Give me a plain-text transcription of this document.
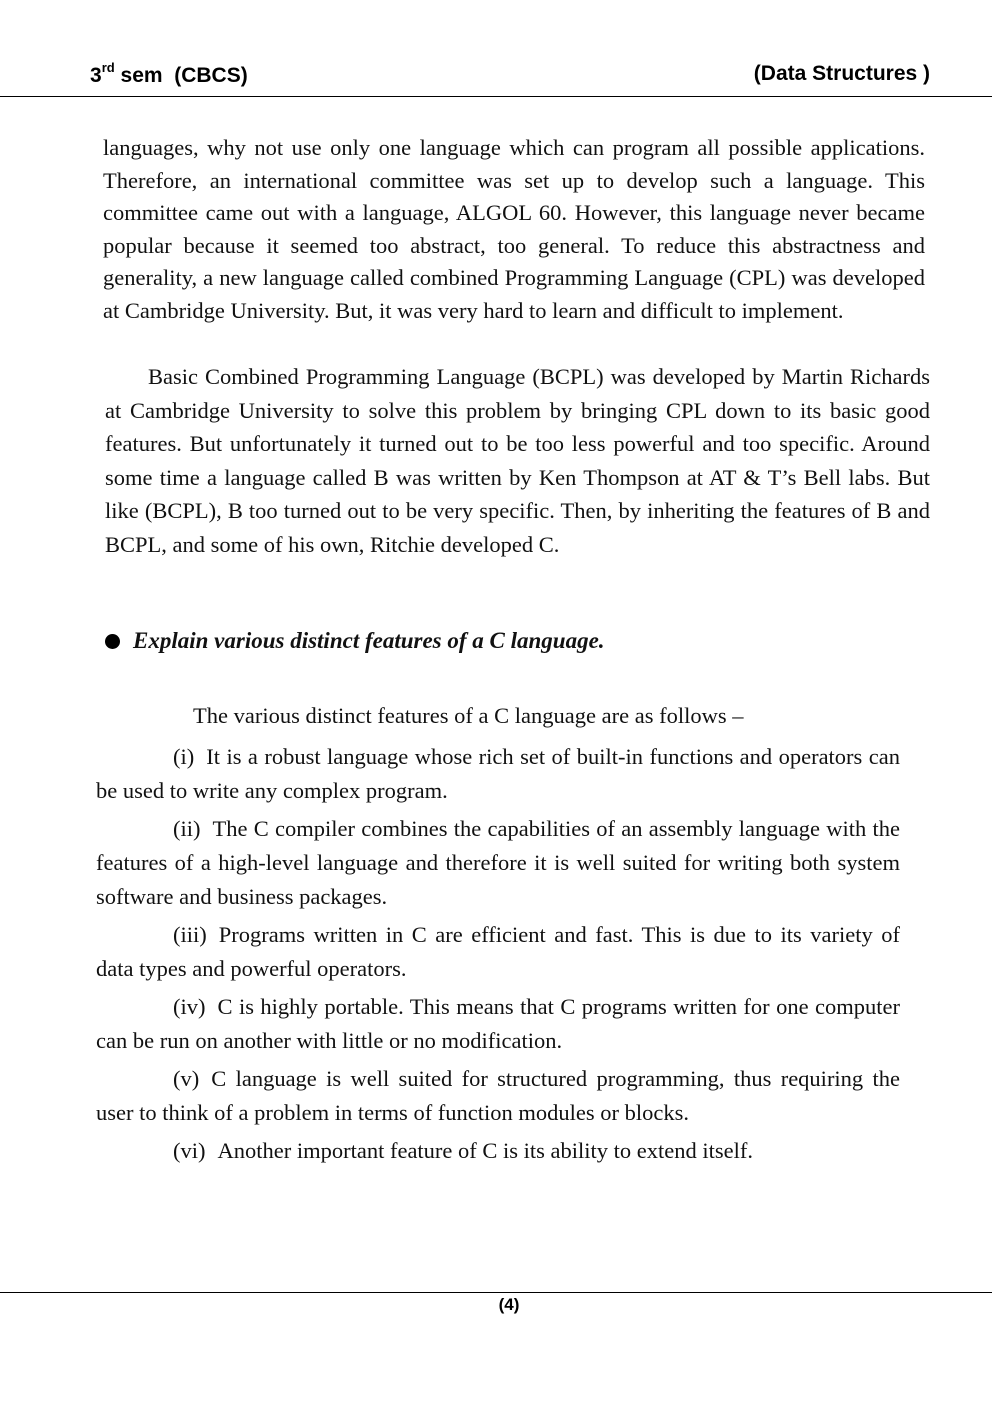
3rd sem  (CBCS)	(Data Structures )

languages, why not use only one language which can program all possible applications. Therefore, an international committee was set up to develop such a language. This committee came out with a language, ALGOL 60. However, this language never became popular because it seemed too abstract, too general. To reduce this abstractness and generality, a new language called combined Programming Language (CPL) was developed at Cambridge University. But, it was very hard to learn and difficult to implement.

Basic Combined Programming Language (BCPL) was developed by Martin Richards at Cambridge University to solve this problem by bringing CPL down to its basic good features. But unfortunately it turned out to be too less powerful and too specific. Around some time a language called B was written by Ken Thompson at AT & T’s Bell labs. But like (BCPL), B too turned out to be very specific. Then, by inheriting the features of B and BCPL, and some of his own, Ritchie developed C.

Explain various distinct features of a C language.

The various distinct features of a C language are as follows –

(i) It is a robust language whose rich set of built-in functions and operators can be used to write any complex program.
(ii) The C compiler combines the capabilities of an assembly language with the features of a high-level language and therefore it is well suited for writing both system software and business packages.
(iii) Programs written in C are efficient and fast. This is due to its variety of data types and powerful operators.
(iv) C is highly portable. This means that C programs written for one computer can be run on another with little or no modification.
(v) C language is well suited for structured programming, thus requiring the user to think of a problem in terms of function modules or blocks.
(vi) Another important feature of C is its ability to extend itself.
(4)
